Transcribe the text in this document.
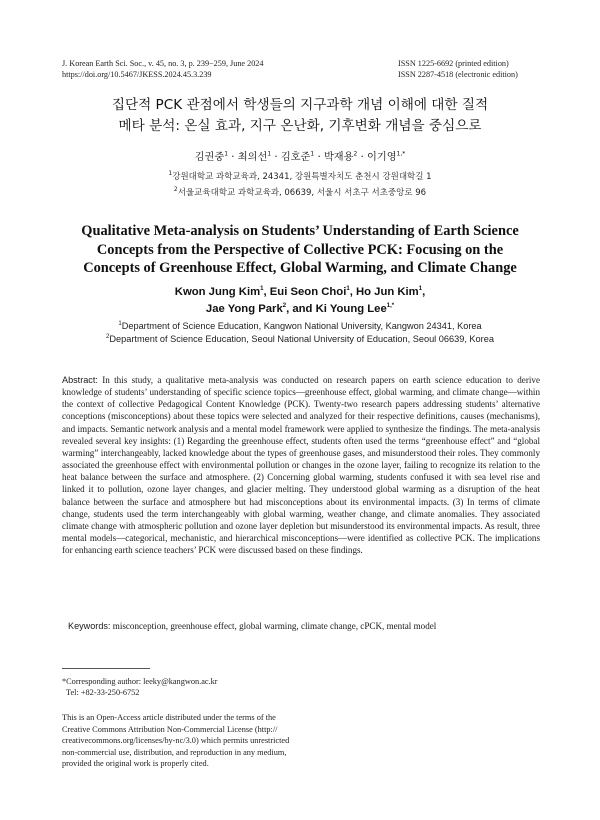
J. Korean Earth Sci. Soc., v. 45, no. 3, p. 239−259, June 2024
https://doi.org/10.5467/JKESS.2024.45.3.239
ISSN 1225-6692 (printed edition)
ISSN 2287-4518 (electronic edition)
집단적 PCK 관점에서 학생들의 지구과학 개념 이해에 대한 질적
메타 분석: 온실 효과, 지구 온난화, 기후변화 개념을 중심으로
김권중$^1$ · 최의선$^1$ · 김호준$^1$ · 박재용$^2$ · 이기영$^{1,*}$
$^1$강원대학교 과학교육과, 24341, 강원특별자치도 춘천시 강원대학길 1
$^2$서울교육대학교 과학교육과, 06639, 서울시 서초구 서초중앙로 96
Qualitative Meta-analysis on Students’ Understanding of Earth Science
Concepts from the Perspective of Collective PCK: Focusing on the
Concepts of Greenhouse Effect, Global Warming, and Climate Change
Kwon Jung Kim$^1$, Eui Seon Choi$^1$, Ho Jun Kim$^1$,
Jae Yong Park$^2$, and Ki Young Lee$^{1,*}$
$^1$Department of Science Education, Kangwon National University, Kangwon 24341, Korea
$^2$Department of Science Education, Seoul National University of Education, Seoul 06639, Korea
Abstract: In this study, a qualitative meta-analysis was conducted on research papers on earth science education to derive knowledge of students’ understanding of specific science topics—greenhouse effect, global warming, and climate change—within the context of collective Pedagogical Content Knowledge (PCK). Twenty-two research papers addressing students’ alternative conceptions (misconceptions) about these topics were selected and analyzed for their respective definitions, causes (mechanisms), and impacts. Semantic network analysis and a mental model framework were applied to synthesize the findings. The meta-analysis revealed several key insights: (1) Regarding the greenhouse effect, students often used the terms “greenhouse effect” and “global warming” interchangeably, lacked knowledge about the types of greenhouse gases, and misunderstood their roles. They commonly associated the greenhouse effect with environmental pollution or changes in the ozone layer, failing to recognize its relation to the heat balance between the surface and atmosphere. (2) Concerning global warming, students confused it with sea level rise and linked it to pollution, ozone layer changes, and glacier melting. They understood global warming as a disruption of the heat balance between the surface and atmosphere but had misconceptions about its environmental impacts. (3) In terms of climate change, students used the term interchangeably with global warming, weather change, and climate anomalies. They associated climate change with atmospheric pollution and ozone layer depletion but misunderstood its environmental impacts. As result, three mental models—categorical, mechanistic, and hierarchical misconceptions—were identified as collective PCK. The implications for enhancing earth science teachers’ PCK were discussed based on these findings.
Keywords: misconception, greenhouse effect, global warming, climate change, cPCK, mental model
*Corresponding author: leeky@kangwon.ac.kr
Tel: +82-33-250-6752
This is an Open-Access article distributed under the terms of the
Creative Commons Attribution Non-Commercial License (http://
creativecommons.org/licenses/by-nc/3.0) which permits unrestricted
non-commercial use, distribution, and reproduction in any medium,
provided the original work is properly cited.
